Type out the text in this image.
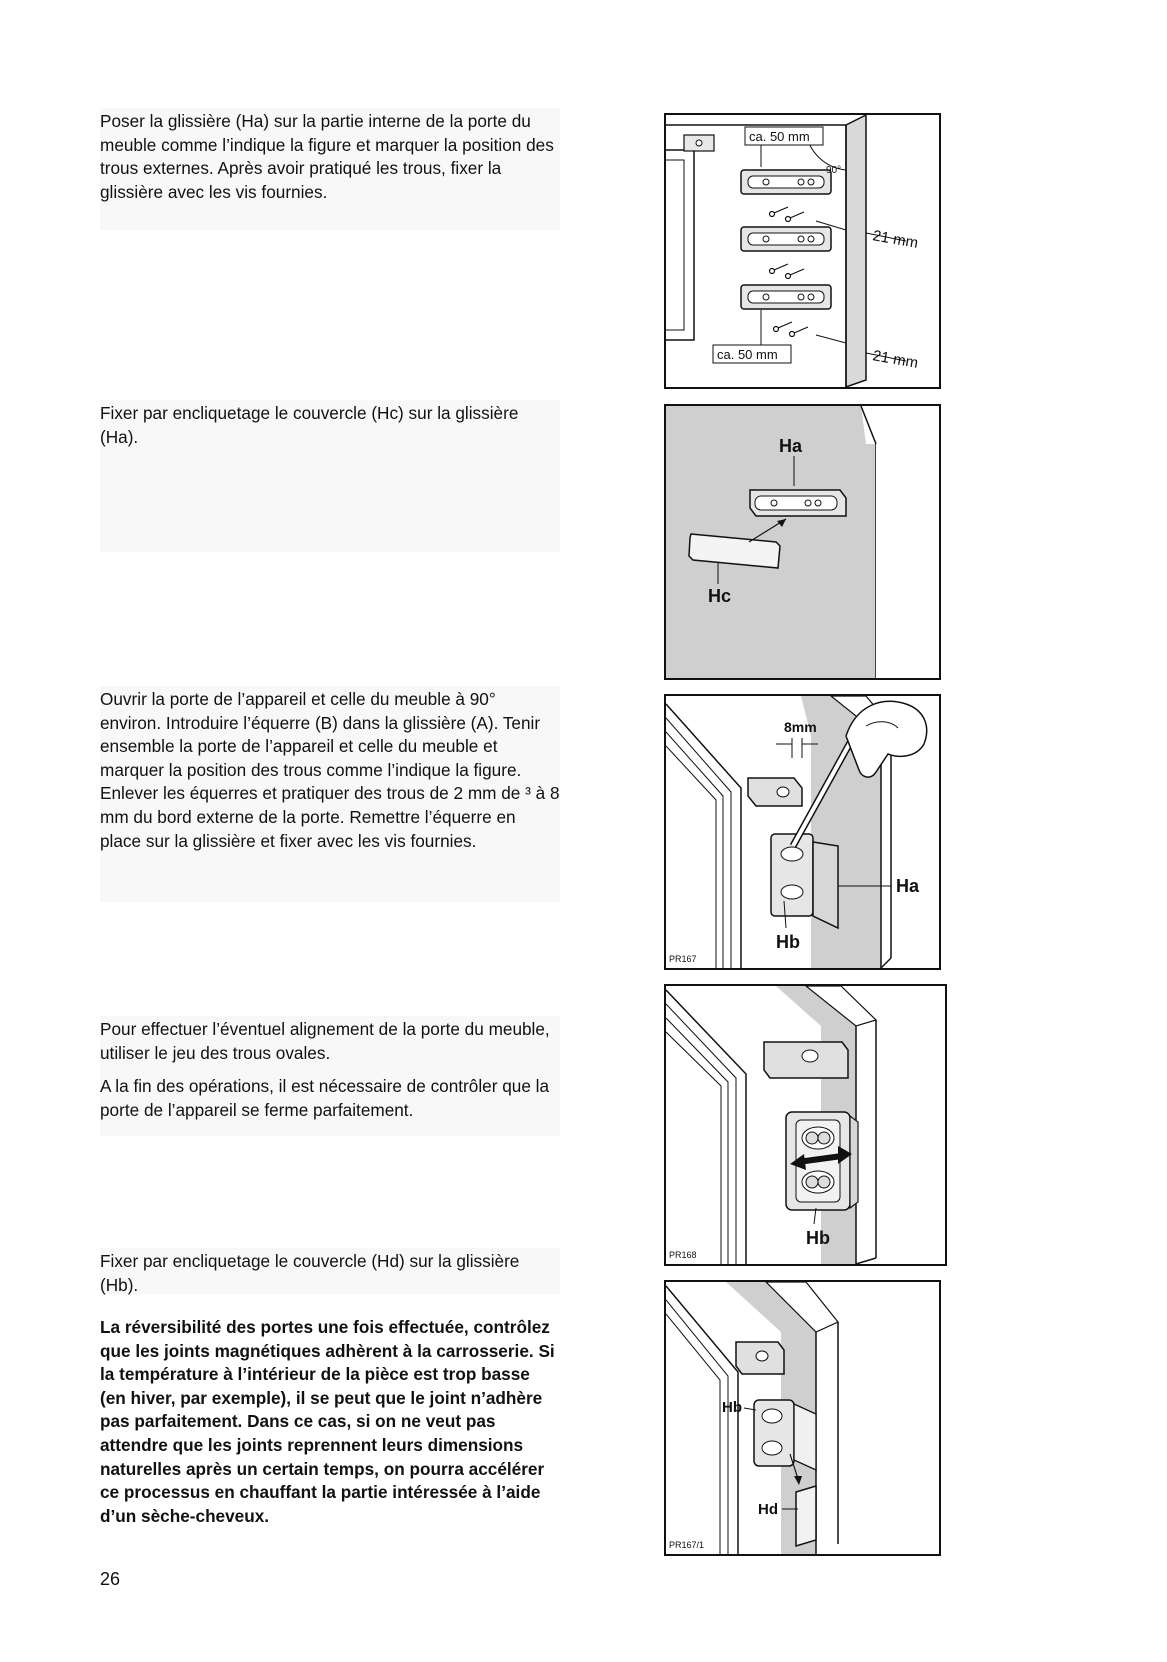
Poser la glissière (Ha) sur la partie interne de la porte du meuble comme l’indique la figure et marquer la position des trous externes. Après avoir pratiqué les trous, fixer la glissière avec les vis fournies.

Fixer par encliquetage le couvercle (Hc) sur la glissière (Ha).

Ouvrir la porte de l’appareil et celle du meuble à 90° environ. Introduire l’équerre (B) dans la glissière (A). Tenir ensemble la porte de l’appareil et celle du meuble et marquer la position des trous comme l’indique la figure. Enlever les équerres et pratiquer des trous de 2 mm de ³ à 8 mm du bord externe de la porte. Remettre l’équerre en place sur la glissière et fixer avec les vis fournies.

Pour effectuer l’éventuel alignement de la porte du meuble, utiliser le jeu des trous ovales.

A la fin des opérations, il est nécessaire de contrôler que la porte de l’appareil se ferme parfaitement.

Fixer par encliquetage le couvercle (Hd) sur la glissière (Hb).

La réversibilité des portes une fois effectuée, contrôlez que les joints magnétiques adhèrent à la carrosserie. Si la température à l’intérieur de la pièce est trop basse (en hiver, par exemple), il se peut que le joint n’adhère pas parfaitement. Dans ce cas, si on ne veut pas attendre que les joints reprennent leurs dimensions naturelles après un certain temps, on pourra accélérer ce processus en chauffant la partie intéressée à l’aide d’un sèche-cheveux.

26
ca. 50 mm
ca. 50 mm
90°
21 mm
21 mm
Ha
Hc
8mm
Ha
Hb
PR167
Hb
PR168
Hb
Hd
PR167/1
